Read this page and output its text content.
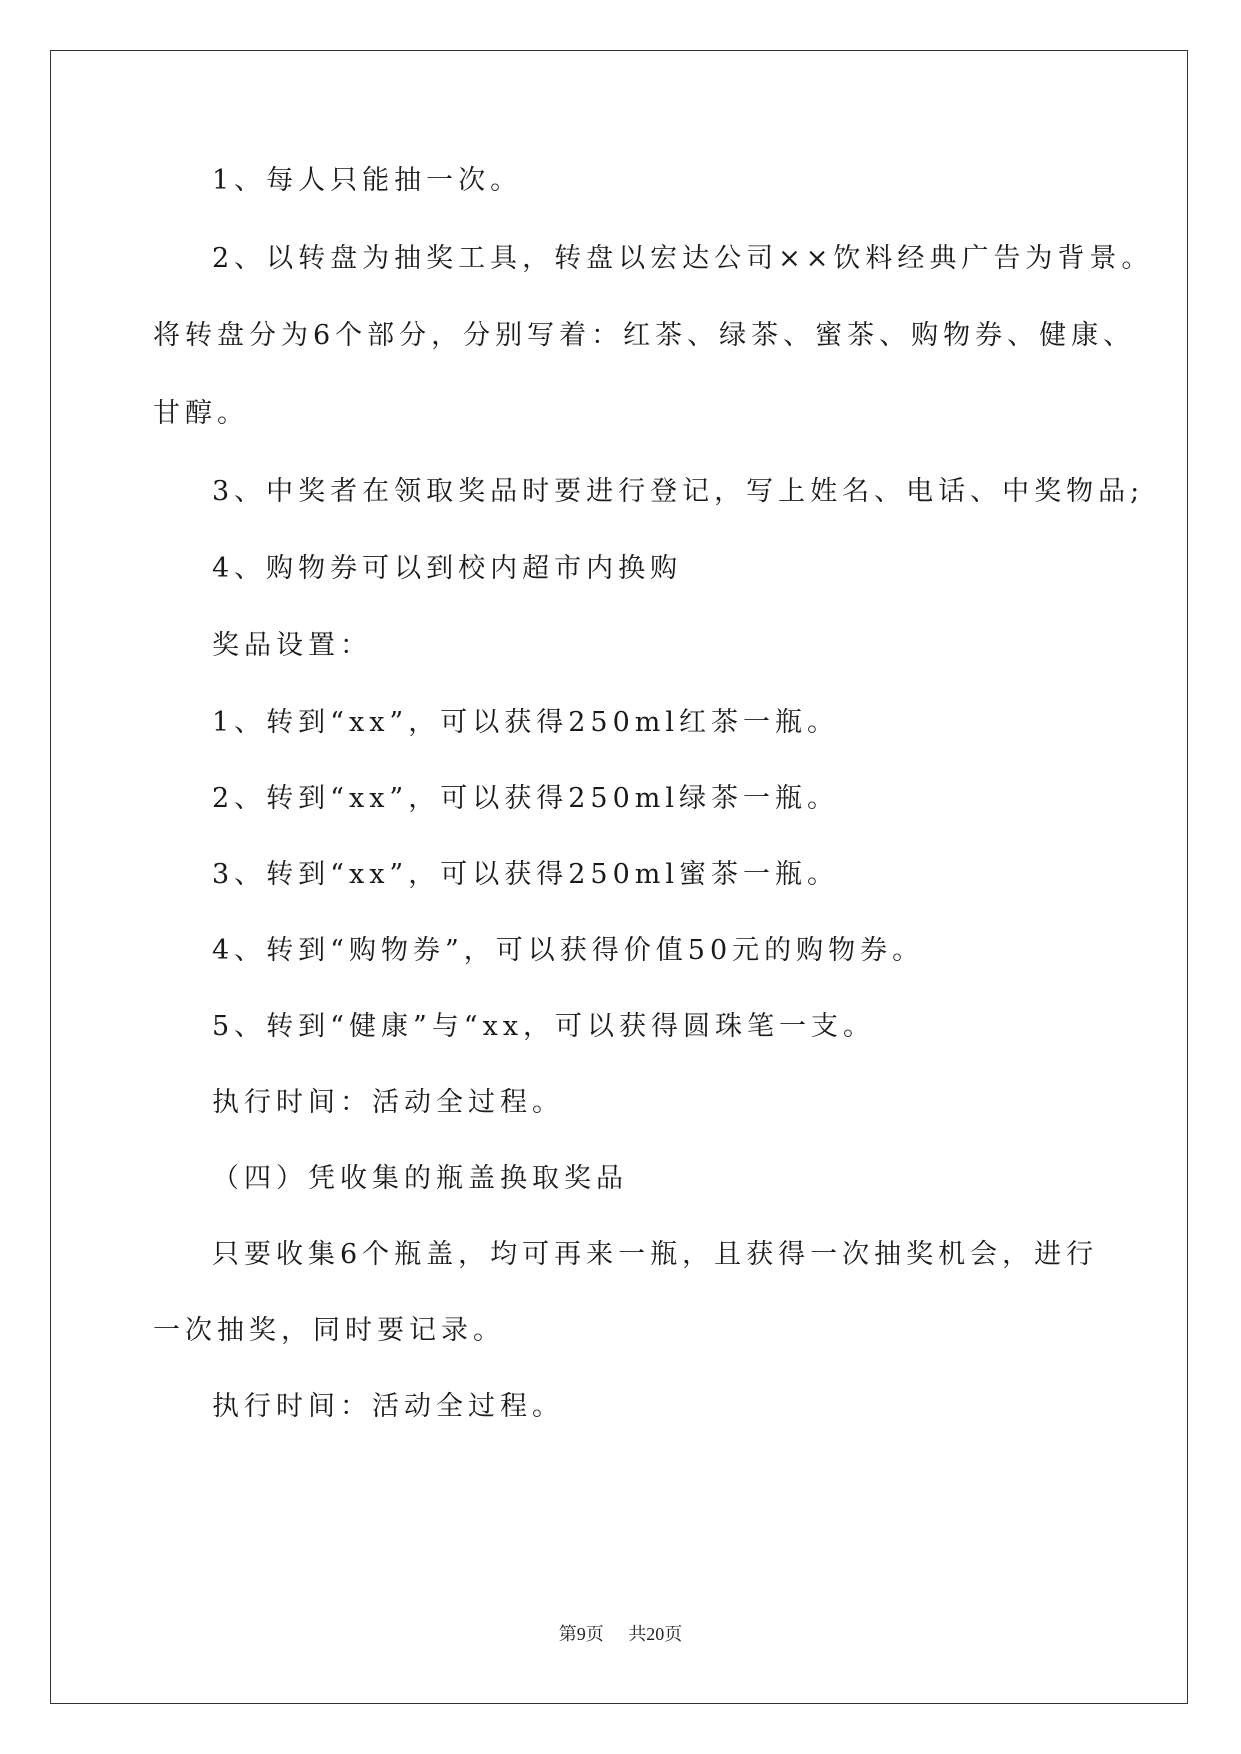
1、每人只能抽一次。
2、以转盘为抽奖工具，转盘以宏达公司××饮料经典广告为背景。
将转盘分为6个部分，分别写着：红茶、绿茶、蜜茶、购物券、健康、
甘醇。
3、中奖者在领取奖品时要进行登记，写上姓名、电话、中奖物品;
4、购物券可以到校内超市内换购
奖品设置：
1、转到“xx”，可以获得250ml红茶一瓶。
2、转到“xx”，可以获得250ml绿茶一瓶。
3、转到“xx”，可以获得250ml蜜茶一瓶。
4、转到“购物券”，可以获得价值50元的购物券。
5、转到“健康”与“xx，可以获得圆珠笔一支。
执行时间：活动全过程。
（四）凭收集的瓶盖换取奖品
只要收集6个瓶盖，均可再来一瓶，且获得一次抽奖机会，进行
一次抽奖，同时要记录。
执行时间：活动全过程。
第9页 共20页
